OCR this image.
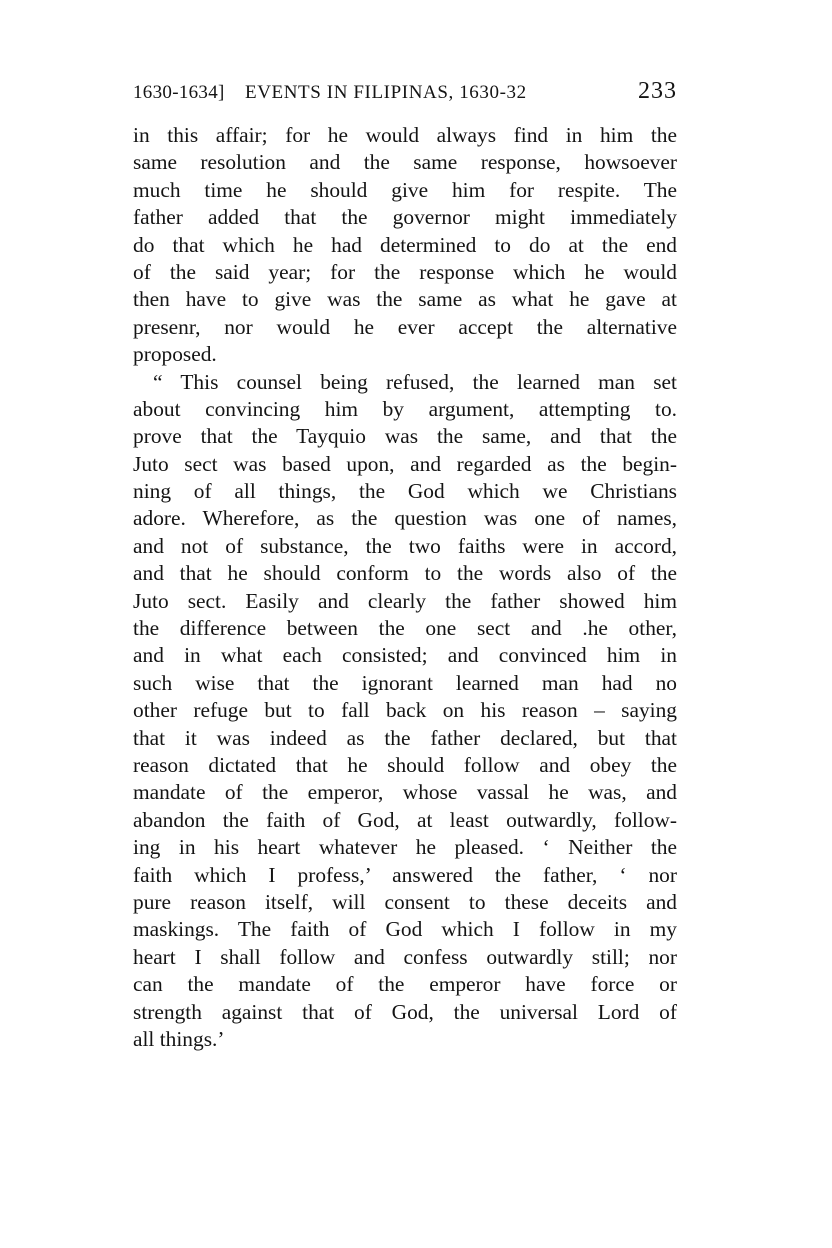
1630-1634] EVENTS IN FILIPINAS, 1630-32	233
in this affair; for he would always find in him the
same resolution and the same response, howsoever
much time he should give him for respite. The
father added that the governor might immediately
do that which he had determined to do at the end
of the said year; for the response which he would
then have to give was the same as what he gave at
presenr, nor would he ever accept the alternative
proposed.
“ This counsel being refused, the learned man set
about convincing him by argument, attempting to.
prove that the Tayquio was the same, and that the
Juto sect was based upon, and regarded as the begin-
ning of all things, the God which we Christians
adore. Wherefore, as the question was one of names,
and not of substance, the two faiths were in accord,
and that he should conform to the words also of the
Juto sect. Easily and clearly the father showed him
the difference between the one sect and .he other,
and in what each consisted; and convinced him in
such wise that the ignorant learned man had no
other refuge but to fall back on his reason – saying
that it was indeed as the father declared, but that
reason dictated that he should follow and obey the
mandate of the emperor, whose vassal he was, and
abandon the faith of God, at least outwardly, follow-
ing in his heart whatever he pleased. ‘ Neither the
faith which I profess,’ answered the father, ‘ nor
pure reason itself, will consent to these deceits and
maskings. The faith of God which I follow in my
heart I shall follow and confess outwardly still; nor
can the mandate of the emperor have force or
strength against that of God, the universal Lord of
all things.’
